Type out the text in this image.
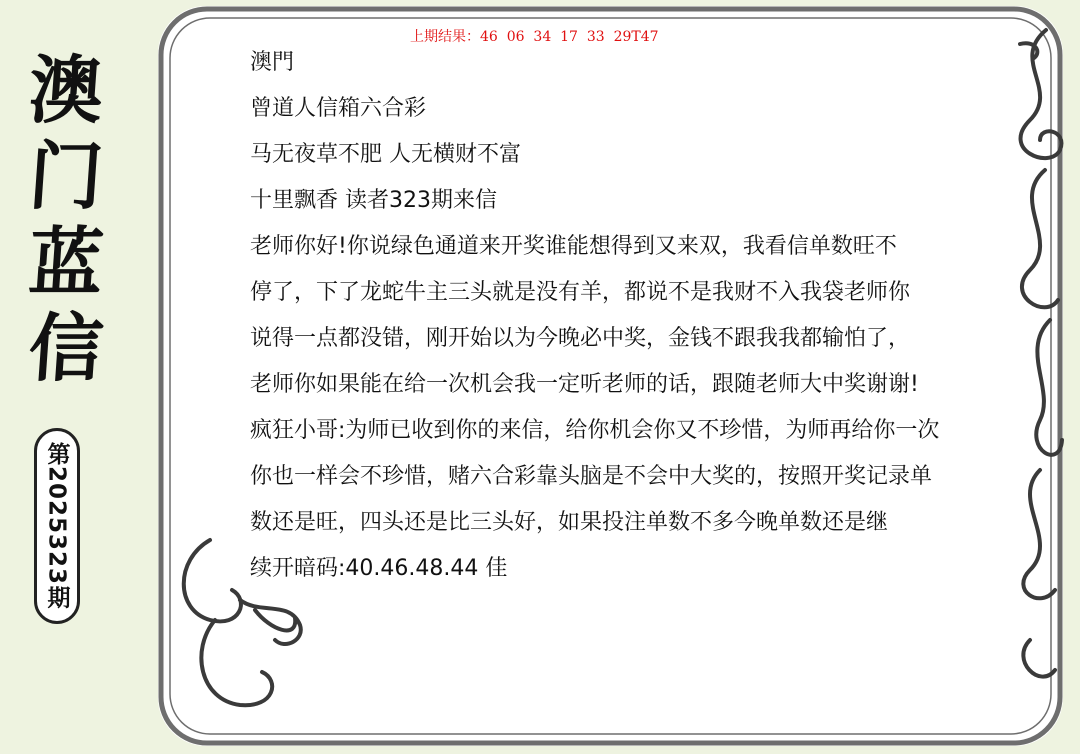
澳
门
蓝
信
第2025323期
上期结果：46  06  34  17  33  29T47
澳門
曾道人信箱六合彩
马无夜草不肥 人无横财不富
十里飘香 读者323期来信
老师你好!你说绿色通道来开奖谁能想得到又来双，我看信单数旺不
停了，下了龙蛇牛主三头就是没有羊，都说不是我财不入我袋老师你
说得一点都没错，刚开始以为今晚必中奖，金钱不跟我我都输怕了，
老师你如果能在给一次机会我一定听老师的话，跟随老师大中奖谢谢!
疯狂小哥:为师已收到你的来信，给你机会你又不珍惜，为师再给你一次
你也一样会不珍惜，赌六合彩靠头脑是不会中大奖的，按照开奖记录单
数还是旺，四头还是比三头好，如果投注单数不多今晚单数还是继
续开暗码:40.46.48.44 佳
